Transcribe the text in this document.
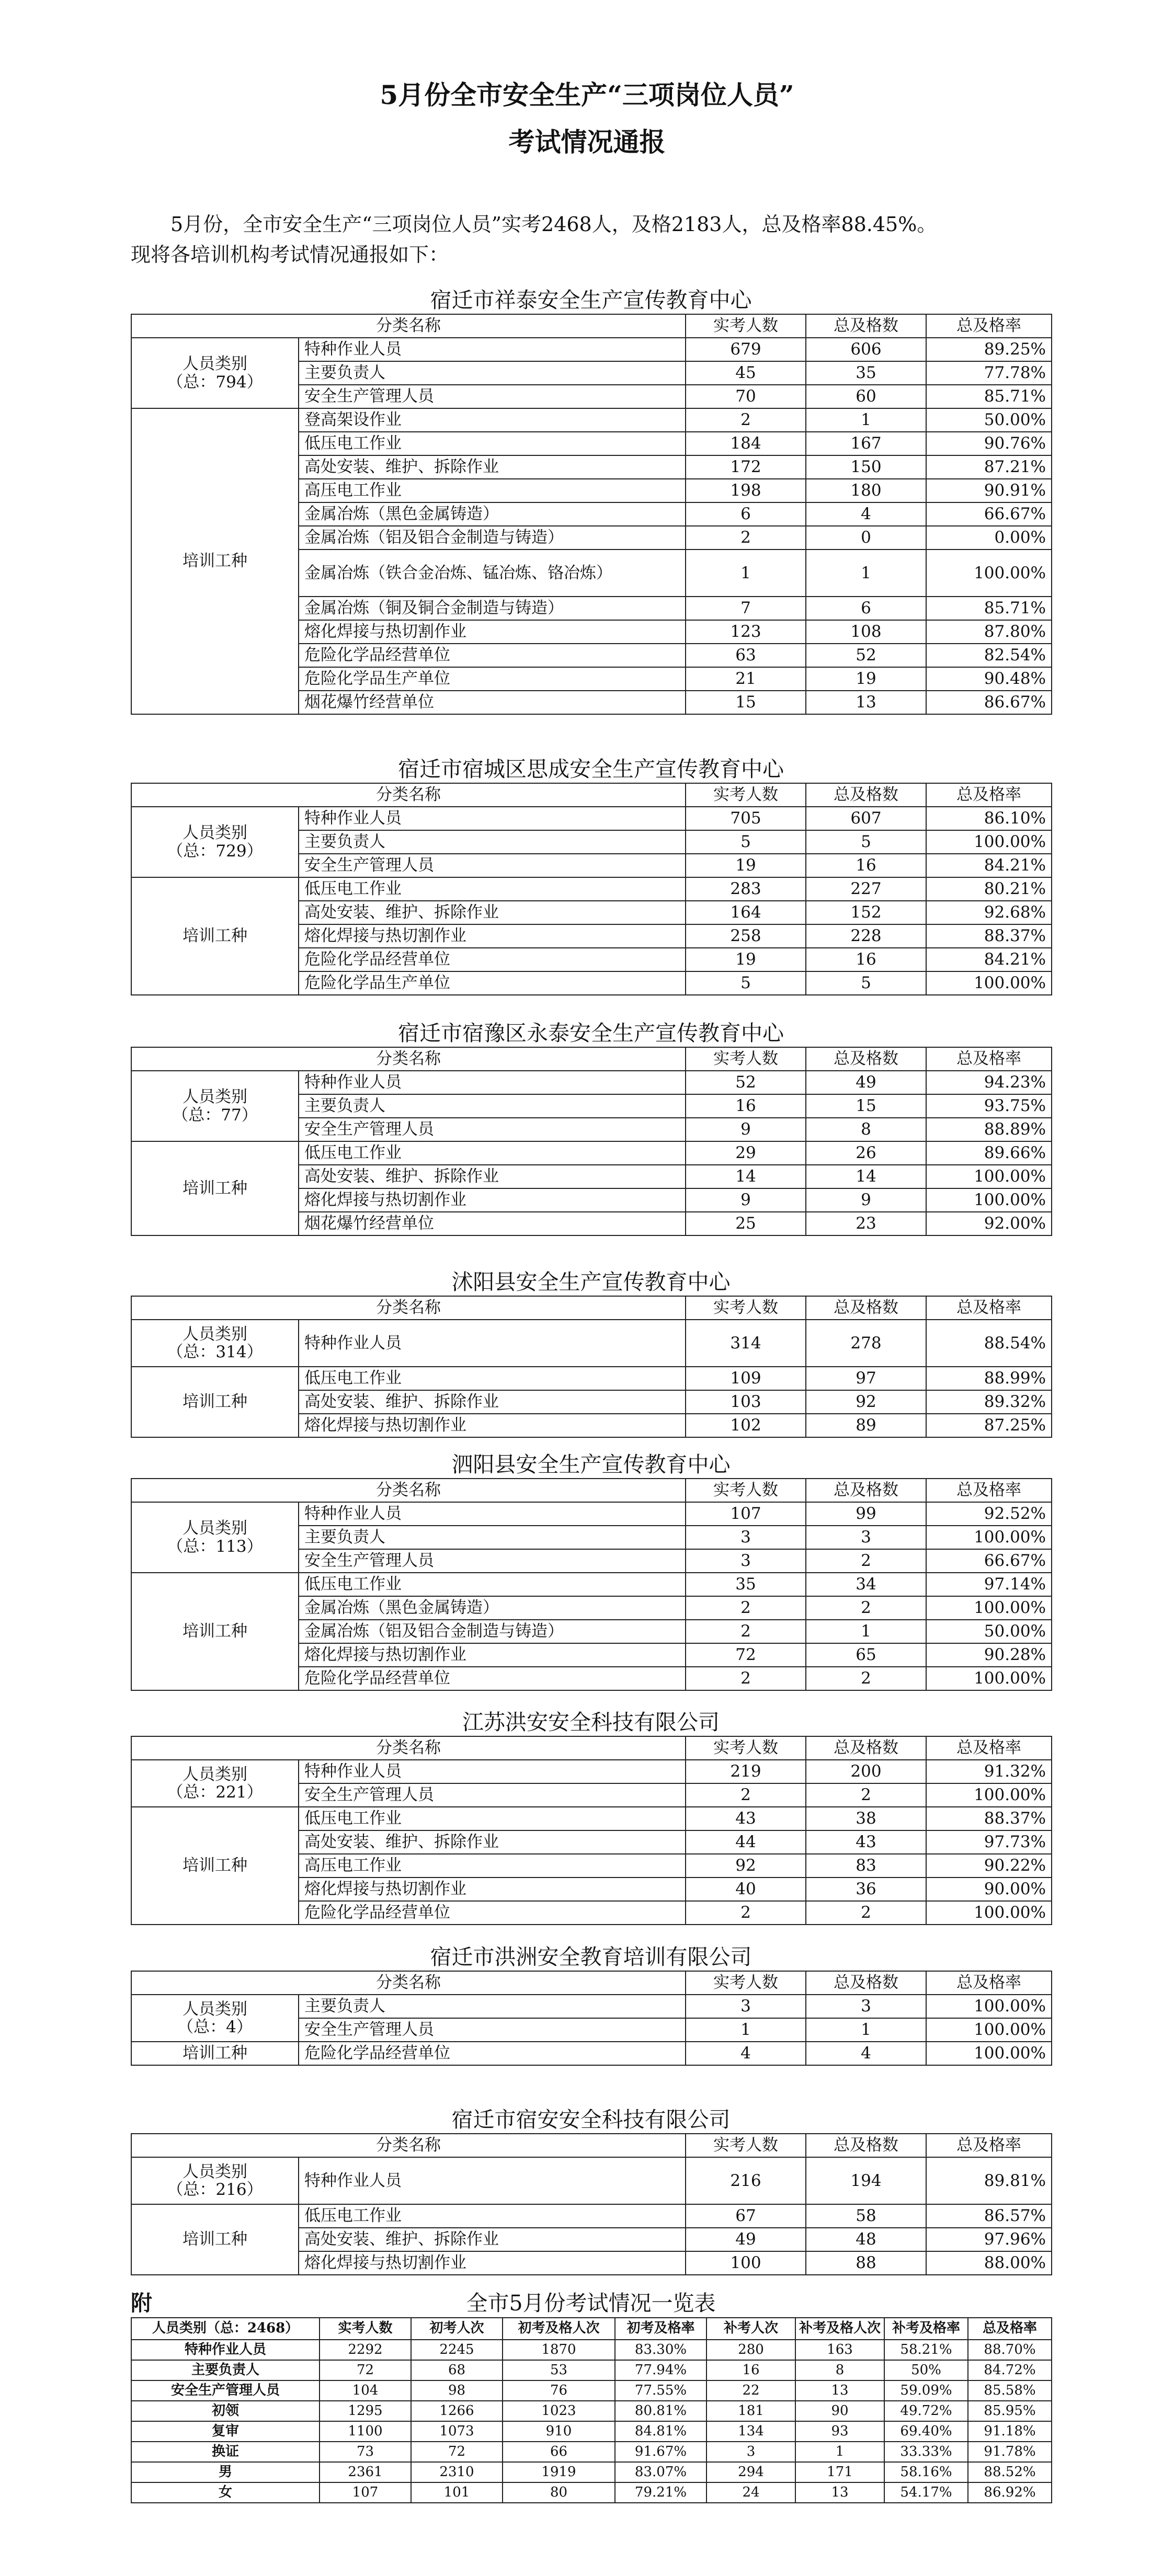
5月份全市安全生产“三项岗位人员”
考试情况通报
5月份，全市安全生产“三项岗位人员”实考2468人，及格2183人，总及格率88.45%。
现将各培训机构考试情况通报如下：
宿迁市祥泰安全生产宣传教育中心
分类名称		实考人数	总及格数	总及格率

人员类别
（总：794）	特种作业人员	679	606	89.25%
	主要负责人	45	35	77.78%
	安全生产管理人员	70	60	85.71%

培训工种	登高架设作业	2	1	50.00%
	低压电工作业	184	167	90.76%
	高处安装、维护、拆除作业	172	150	87.21%
	高压电工作业	198	180	90.91%
	金属冶炼（黑色金属铸造）	6	4	66.67%
	金属冶炼（铝及铝合金制造与铸造）	2	0	0.00%
	金属冶炼（铁合金冶炼、锰冶炼、铬冶炼）	1	1	100.00%
	金属冶炼（铜及铜合金制造与铸造）	7	6	85.71%
	熔化焊接与热切割作业	123	108	87.80%
	危险化学品经营单位	63	52	82.54%
	危险化学品生产单位	21	19	90.48%
	烟花爆竹经营单位	15	13	86.67%
宿迁市宿城区思成安全生产宣传教育中心
分类名称		实考人数	总及格数	总及格率

人员类别
（总：729）	特种作业人员	705	607	86.10%
	主要负责人	5	5	100.00%
	安全生产管理人员	19	16	84.21%

培训工种	低压电工作业	283	227	80.21%
	高处安装、维护、拆除作业	164	152	92.68%
	熔化焊接与热切割作业	258	228	88.37%
	危险化学品经营单位	19	16	84.21%
	危险化学品生产单位	5	5	100.00%
宿迁市宿豫区永泰安全生产宣传教育中心
分类名称		实考人数	总及格数	总及格率

人员类别
（总：77）	特种作业人员	52	49	94.23%
	主要负责人	16	15	93.75%
	安全生产管理人员	9	8	88.89%

培训工种	低压电工作业	29	26	89.66%
	高处安装、维护、拆除作业	14	14	100.00%
	熔化焊接与热切割作业	9	9	100.00%
	烟花爆竹经营单位	25	23	92.00%
沭阳县安全生产宣传教育中心
分类名称		实考人数	总及格数	总及格率

人员类别
（总：314）	特种作业人员	314	278	88.54%

培训工种	低压电工作业	109	97	88.99%
	高处安装、维护、拆除作业	103	92	89.32%
	熔化焊接与热切割作业	102	89	87.25%
泗阳县安全生产宣传教育中心
分类名称		实考人数	总及格数	总及格率

人员类别
（总：113）	特种作业人员	107	99	92.52%
	主要负责人	3	3	100.00%
	安全生产管理人员	3	2	66.67%

培训工种	低压电工作业	35	34	97.14%
	金属冶炼（黑色金属铸造）	2	2	100.00%
	金属冶炼（铝及铝合金制造与铸造）	2	1	50.00%
	熔化焊接与热切割作业	72	65	90.28%
	危险化学品经营单位	2	2	100.00%
江苏洪安安全科技有限公司
分类名称		实考人数	总及格数	总及格率

人员类别
（总：221）	特种作业人员	219	200	91.32%
	安全生产管理人员	2	2	100.00%

培训工种	低压电工作业	43	38	88.37%
	高处安装、维护、拆除作业	44	43	97.73%
	高压电工作业	92	83	90.22%
	熔化焊接与热切割作业	40	36	90.00%
	危险化学品经营单位	2	2	100.00%
宿迁市洪洲安全教育培训有限公司
分类名称		实考人数	总及格数	总及格率

人员类别
（总：4）	主要负责人	3	3	100.00%
	安全生产管理人员	1	1	100.00%

培训工种	危险化学品经营单位	4	4	100.00%
宿迁市宿安安全科技有限公司
分类名称		实考人数	总及格数	总及格率

人员类别
（总：216）	特种作业人员	216	194	89.81%

培训工种	低压电工作业	67	58	86.57%
	高处安装、维护、拆除作业	49	48	97.96%
	熔化焊接与热切割作业	100	88	88.00%
全市5月份考试情况一览表
附
人员类别（总：2468）	实考人数	初考人次	初考及格人次	初考及格率	补考人次	补考及格人次	补考及格率	总及格率
特种作业人员	2292	2245	1870	83.30%	280	163	58.21%	88.70%
主要负责人	72	68	53	77.94%	16	8	50%	84.72%
安全生产管理人员	104	98	76	77.55%	22	13	59.09%	85.58%
初领	1295	1266	1023	80.81%	181	90	49.72%	85.95%
复审	1100	1073	910	84.81%	134	93	69.40%	91.18%
换证	73	72	66	91.67%	3	1	33.33%	91.78%
男	2361	2310	1919	83.07%	294	171	58.16%	88.52%
女	107	101	80	79.21%	24	13	54.17%	86.92%
